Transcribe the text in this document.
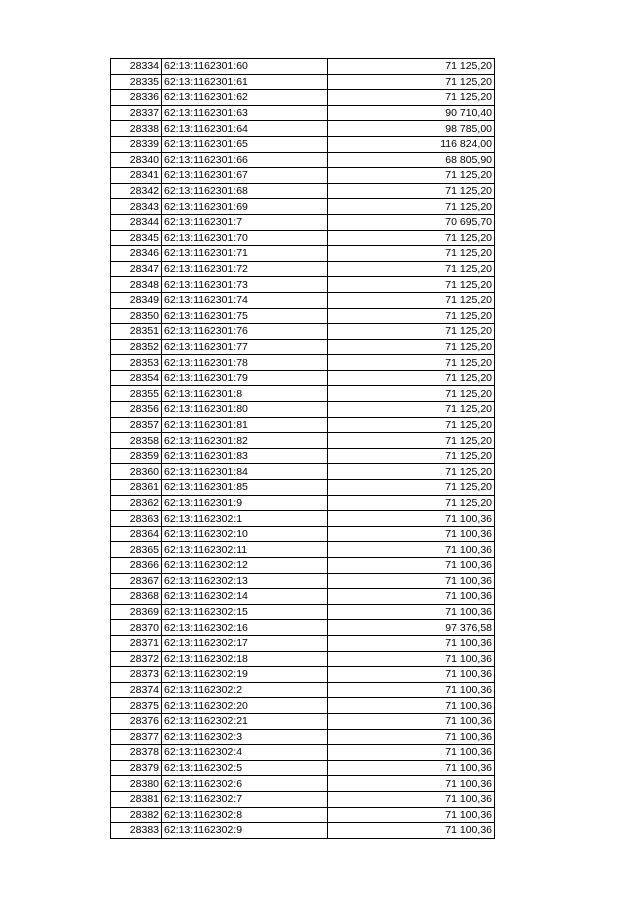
28334	62:13:1162301:60	71 125,20
28335	62:13:1162301:61	71 125,20
28336	62:13:1162301:62	71 125,20
28337	62:13:1162301:63	90 710,40
28338	62:13:1162301:64	98 785,00
28339	62:13:1162301:65	116 824,00
28340	62:13:1162301:66	68 805,90
28341	62:13:1162301:67	71 125,20
28342	62:13:1162301:68	71 125,20
28343	62:13:1162301:69	71 125,20
28344	62:13:1162301:7	70 695,70
28345	62:13:1162301:70	71 125,20
28346	62:13:1162301:71	71 125,20
28347	62:13:1162301:72	71 125,20
28348	62:13:1162301:73	71 125,20
28349	62:13:1162301:74	71 125,20
28350	62:13:1162301:75	71 125,20
28351	62:13:1162301:76	71 125,20
28352	62:13:1162301:77	71 125,20
28353	62:13:1162301:78	71 125,20
28354	62:13:1162301:79	71 125,20
28355	62:13:1162301:8	71 125,20
28356	62:13:1162301:80	71 125,20
28357	62:13:1162301:81	71 125,20
28358	62:13:1162301:82	71 125,20
28359	62:13:1162301:83	71 125,20
28360	62:13:1162301:84	71 125,20
28361	62:13:1162301:85	71 125,20
28362	62:13:1162301:9	71 125,20
28363	62:13:1162302:1	71 100,36
28364	62:13:1162302:10	71 100,36
28365	62:13:1162302:11	71 100,36
28366	62:13:1162302:12	71 100,36
28367	62:13:1162302:13	71 100,36
28368	62:13:1162302:14	71 100,36
28369	62:13:1162302:15	71 100,36
28370	62:13:1162302:16	97 376,58
28371	62:13:1162302:17	71 100,36
28372	62:13:1162302:18	71 100,36
28373	62:13:1162302:19	71 100,36
28374	62:13:1162302:2	71 100,36
28375	62:13:1162302:20	71 100,36
28376	62:13:1162302:21	71 100,36
28377	62:13:1162302:3	71 100,36
28378	62:13:1162302:4	71 100,36
28379	62:13:1162302:5	71 100,36
28380	62:13:1162302:6	71 100,36
28381	62:13:1162302:7	71 100,36
28382	62:13:1162302:8	71 100,36
28383	62:13:1162302:9	71 100,36
